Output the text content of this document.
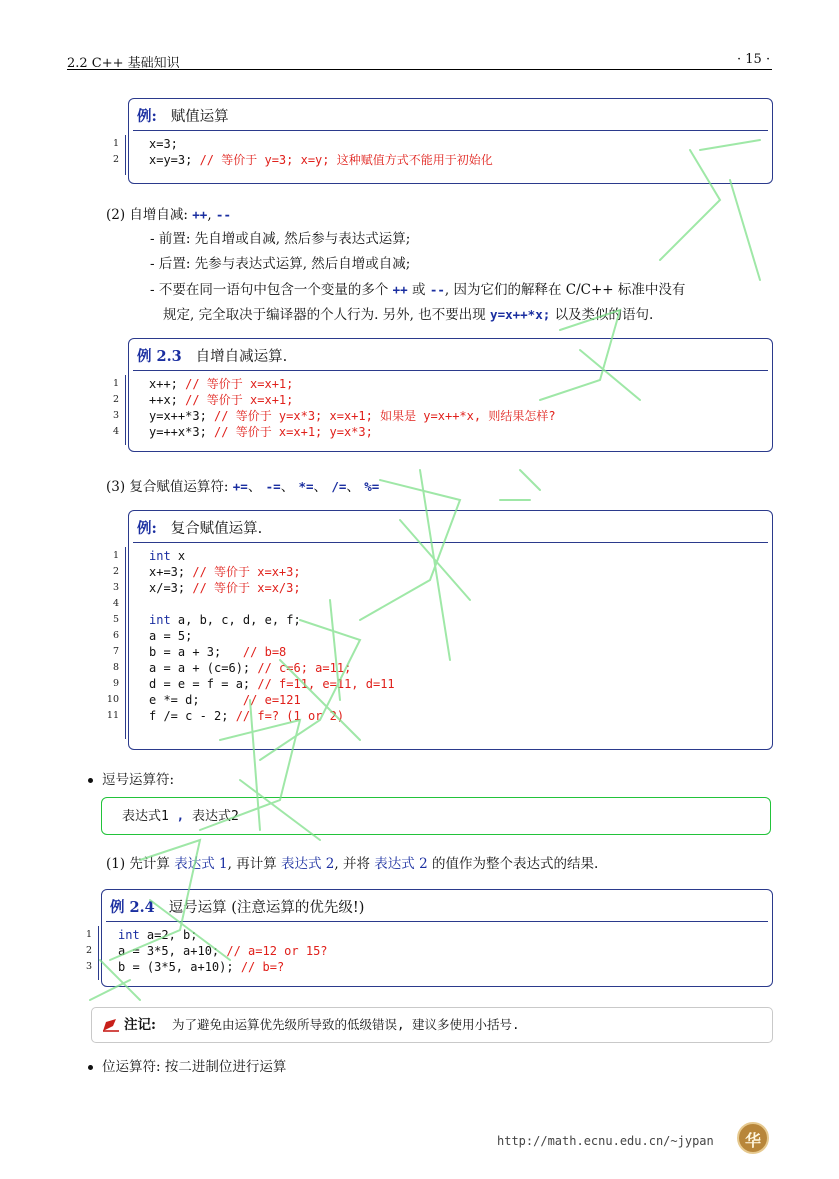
2.2 C++ 基础知识	· 15 ·
例: 赋值运算
1	x=3;
2	x=y=3; // 等价于 y=3; x=y; 这种赋值方式不能用于初始化
(2) 自增自减: ++, --
- 前置: 先自增或自减, 然后参与表达式运算;
- 后置: 先参与表达式运算, 然后自增或自减;
- 不要在同一语句中包含一个变量的多个 ++ 或 --, 因为它们的解释在 C/C++ 标准中没有
规定, 完全取决于编译器的个人行为. 另外, 也不要出现 y=x++*x; 以及类似的语句.
例 2.3 自增自减运算.
1	x++; // 等价于 x=x+1;
2	++x; // 等价于 x=x+1;
3	y=x++*3; // 等价于 y=x*3; x=x+1; 如果是 y=x++*x, 则结果怎样?
4	y=++x*3; // 等价于 x=x+1; y=x*3;
(3) 复合赋值运算符: +=、 -=、 *=、 /=、 %=
例: 复合赋值运算.
1	int x
2	x+=3; // 等价于 x=x+3;
3	x/=3; // 等价于 x=x/3;
4
5	int a, b, c, d, e, f;
6	a = 5;
7	b = a + 3;   // b=8
8	a = a + (c=6); // c=6; a=11;
9	d = e = f = a; // f=11, e=11, d=11
10	e *= d;      // e=121
11	f /= c - 2; // f=? (1 or 2)
逗号运算符:
表达式1 , 表达式2
(1) 先计算 表达式 1, 再计算 表达式 2, 并将 表达式 2 的值作为整个表达式的结果.
例 2.4 逗号运算 (注意运算的优先级!)
1 int a=2, b;
2 a = 3*5, a+10; // a=12 or 15?
3 b = (3*5, a+10); // b=?
注记: 为了避免由运算优先级所导致的低级错误, 建议多使用小括号.
位运算符: 按二进制位进行运算
http://math.ecnu.edu.cn/~jypan	华
